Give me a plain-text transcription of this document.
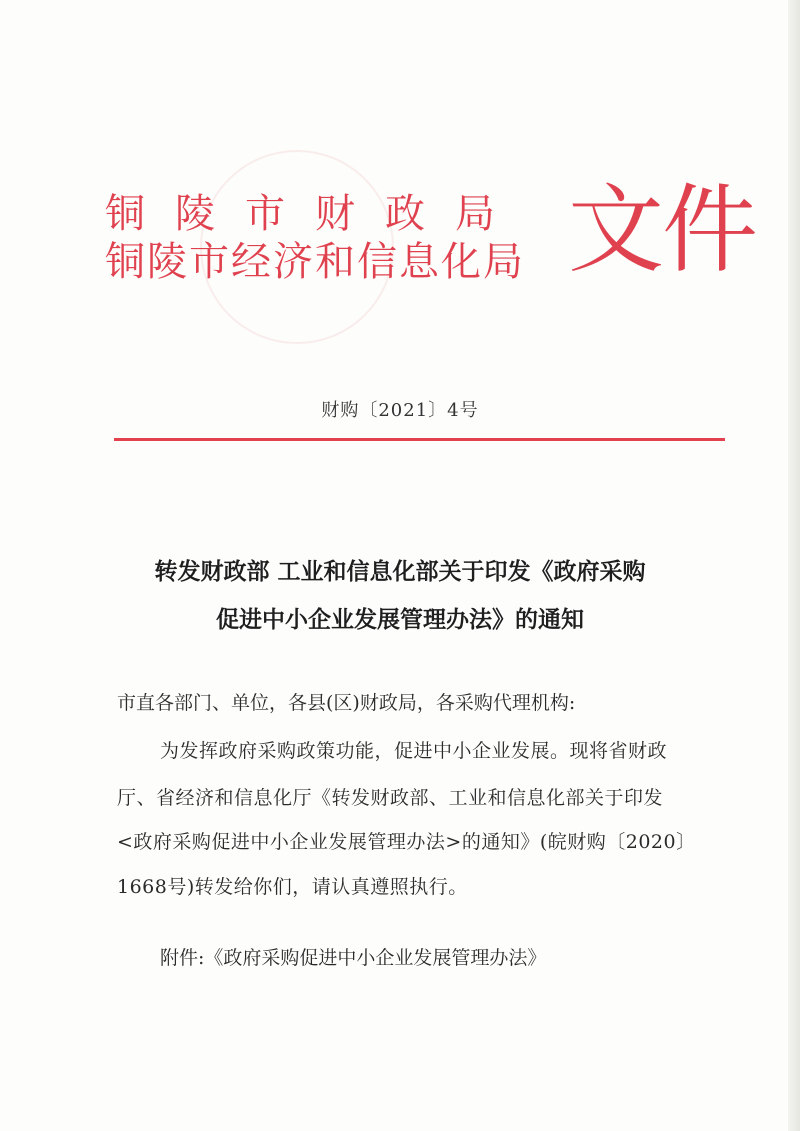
铜陵市财政局
铜陵市经济和信息化局 文件
财购〔2021〕4号
转发财政部 工业和信息化部关于印发《政府采购
促进中小企业发展管理办法》的通知
市直各部门、单位，各县(区)财政局，各采购代理机构:
为发挥政府采购政策功能，促进中小企业发展。现将省财政
厅、省经济和信息化厅《转发财政部、工业和信息化部关于印发
<政府采购促进中小企业发展管理办法>的通知》(皖财购〔2020〕
1668号)转发给你们，请认真遵照执行。
附件:《政府采购促进中小企业发展管理办法》
